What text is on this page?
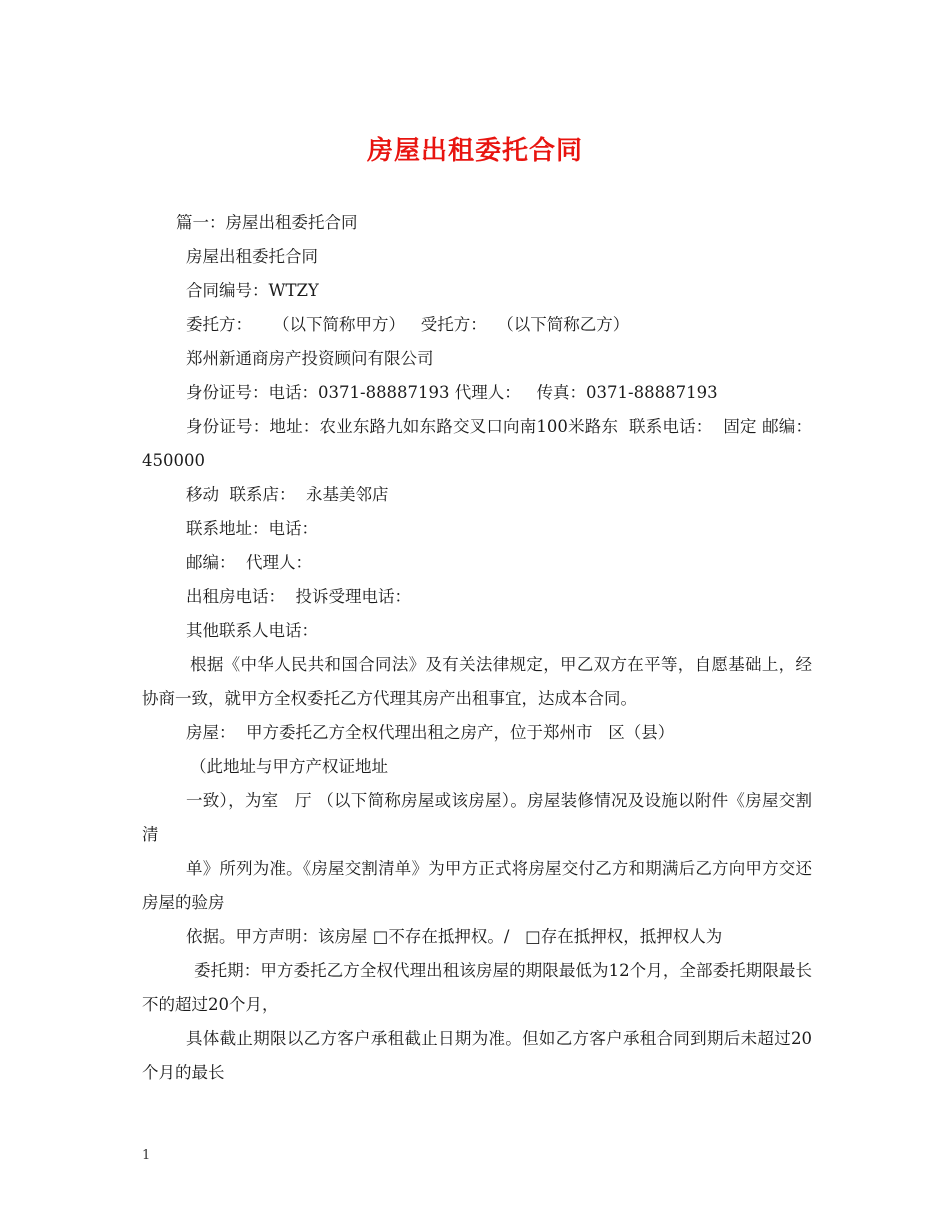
房屋出租委托合同

篇一：房屋出租委托合同

房屋出租委托合同

合同编号：WTZY

委托方：    （以下简称甲方）   受托方：  （以下简称乙方）

郑州新通商房产投资顾问有限公司

身份证号：电话：0371-88887193 代理人：   传真：0371-88887193

身份证号：地址：农业东路九如东路交叉口向南100米路东  联系电话：  固定 邮编：450000

移动  联系店：  永基美邻店

联系地址：电话：

邮编：  代理人：

出租房电话：  投诉受理电话：

其他联系人电话：

根据《中华人民共和国合同法》及有关法律规定，甲乙双方在平等，自愿基础上，经协商一致，就甲方全权委托乙方代理其房产出租事宜，达成本合同。

房屋：  甲方委托乙方全权代理出租之房产，位于郑州市   区（县）

（此地址与甲方产权证地址

一致），为室   厅 （以下简称房屋或该房屋）。房屋装修情况及设施以附件《房屋交割清

单》所列为准。《房屋交割清单》为甲方正式将房屋交付乙方和期满后乙方向甲方交还房屋的验房

依据。甲方声明：该房屋 □不存在抵押权。/   □存在抵押权，抵押权人为

委托期：甲方委托乙方全权代理出租该房屋的期限最低为12个月，全部委托期限最长不的超过20个月，

具体截止期限以乙方客户承租截止日期为准。但如乙方客户承租合同到期后未超过20个月的最长

1
